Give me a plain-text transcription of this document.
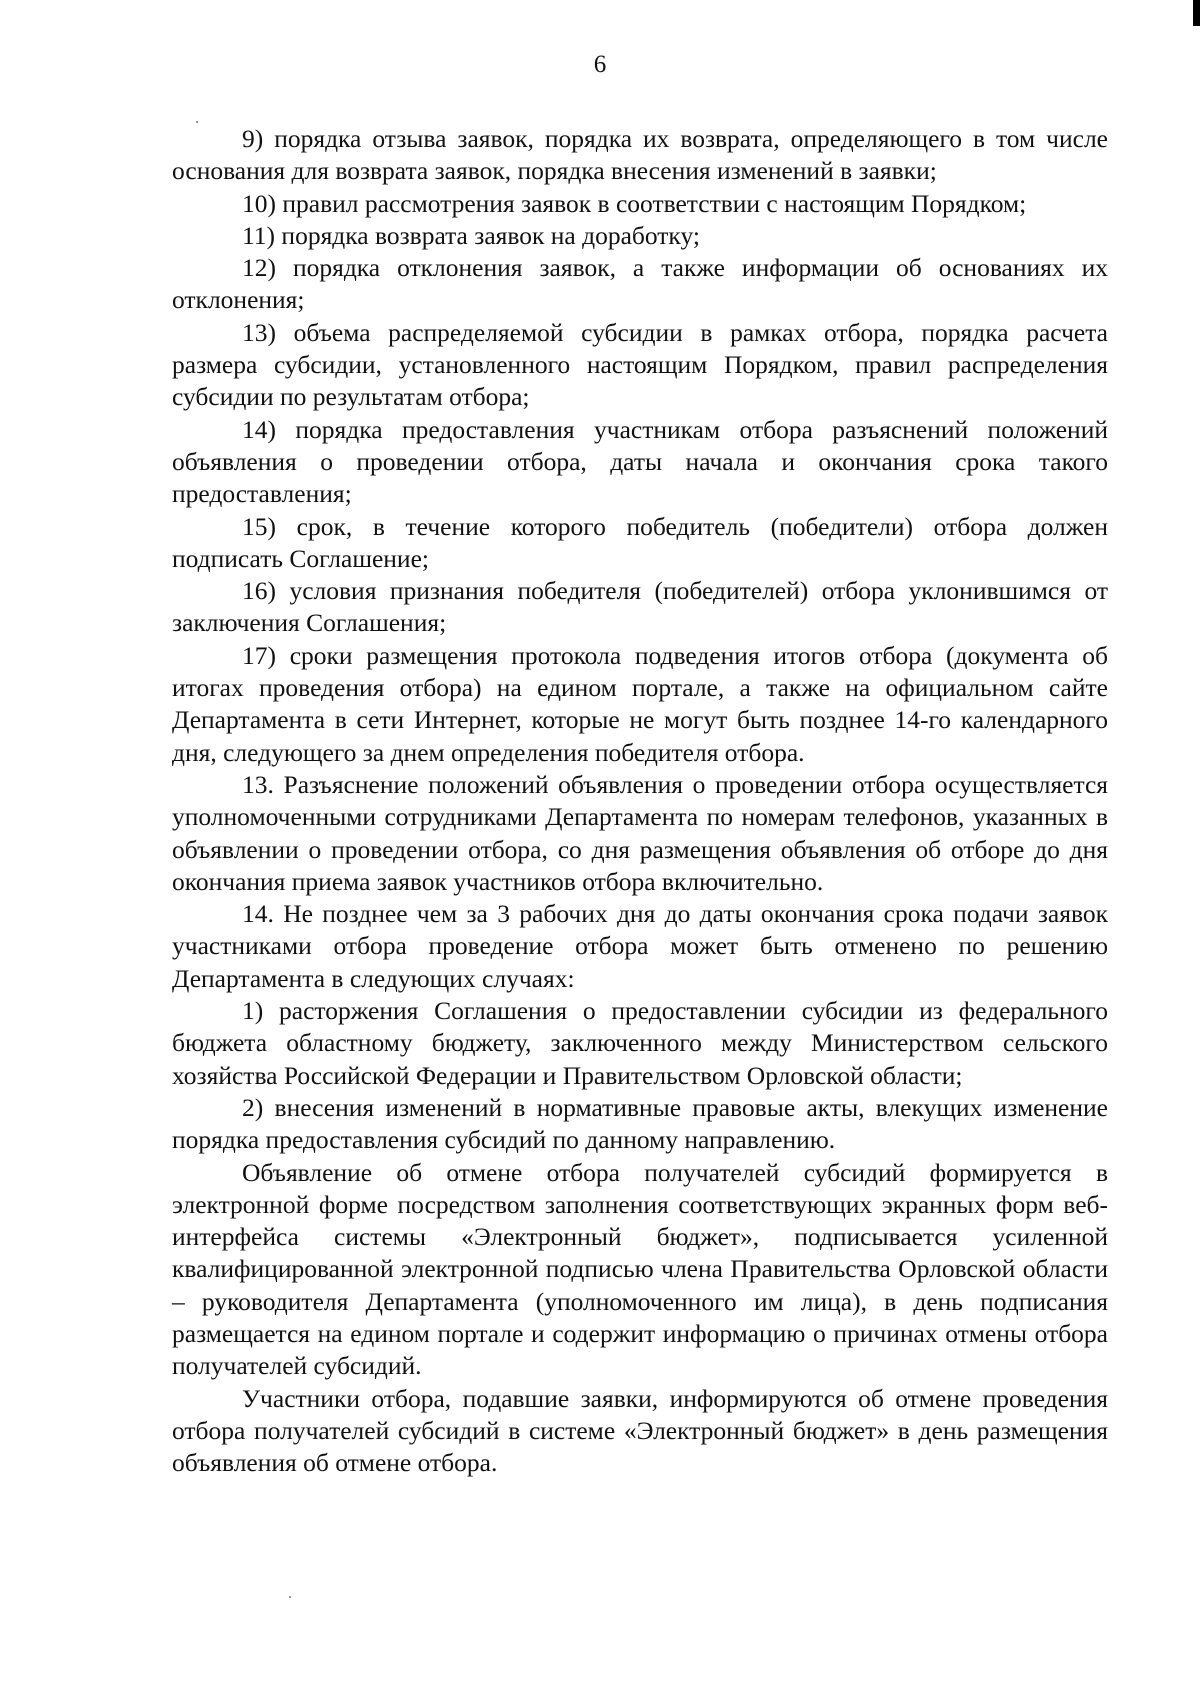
6

9) порядка отзыва заявок, порядка их возврата, определяющего в том числе основания для возврата заявок, порядка внесения изменений в заявки;

10) правил рассмотрения заявок в соответствии с настоящим Порядком;

11) порядка возврата заявок на доработку;

12) порядка отклонения заявок, а также информации об основаниях их отклонения;

13) объема распределяемой субсидии в рамках отбора, порядка расчета размера субсидии, установленного настоящим Порядком, правил распределения субсидии по результатам отбора;

14) порядка предоставления участникам отбора разъяснений положений объявления о проведении отбора, даты начала и окончания срока такого предоставления;

15) срок, в течение которого победитель (победители) отбора должен подписать Соглашение;

16) условия признания победителя (победителей) отбора уклонившимся от заключения Соглашения;

17) сроки размещения протокола подведения итогов отбора (документа об итогах проведения отбора) на едином портале, а также на официальном сайте Департамента в сети Интернет, которые не могут быть позднее 14-го календарного дня, следующего за днем определения победителя отбора.

13. Разъяснение положений объявления о проведении отбора осуществляется уполномоченными сотрудниками Департамента по номерам телефонов, указанных в объявлении о проведении отбора, со дня размещения объявления об отборе до дня окончания приема заявок участников отбора включительно.

14. Не позднее чем за 3 рабочих дня до даты окончания срока подачи заявок участниками отбора проведение отбора может быть отменено по решению Департамента в следующих случаях:

1) расторжения Соглашения о предоставлении субсидии из федерального бюджета областному бюджету, заключенного между Министерством сельского хозяйства Российской Федерации и Правительством Орловской области;

2) внесения изменений в нормативные правовые акты, влекущих изменение порядка предоставления субсидий по данному направлению.

Объявление об отмене отбора получателей субсидий формируется в электронной форме посредством заполнения соответствующих экранных форм веб-интерфейса системы «Электронный бюджет», подписывается усиленной квалифицированной электронной подписью члена Правительства Орловской области – руководителя Департамента (уполномоченного им лица), в день подписания размещается на едином портале и содержит информацию о причинах отмены отбора получателей субсидий.

Участники отбора, подавшие заявки, информируются об отмене проведения отбора получателей субсидий в системе «Электронный бюджет» в день размещения объявления об отмене отбора.
